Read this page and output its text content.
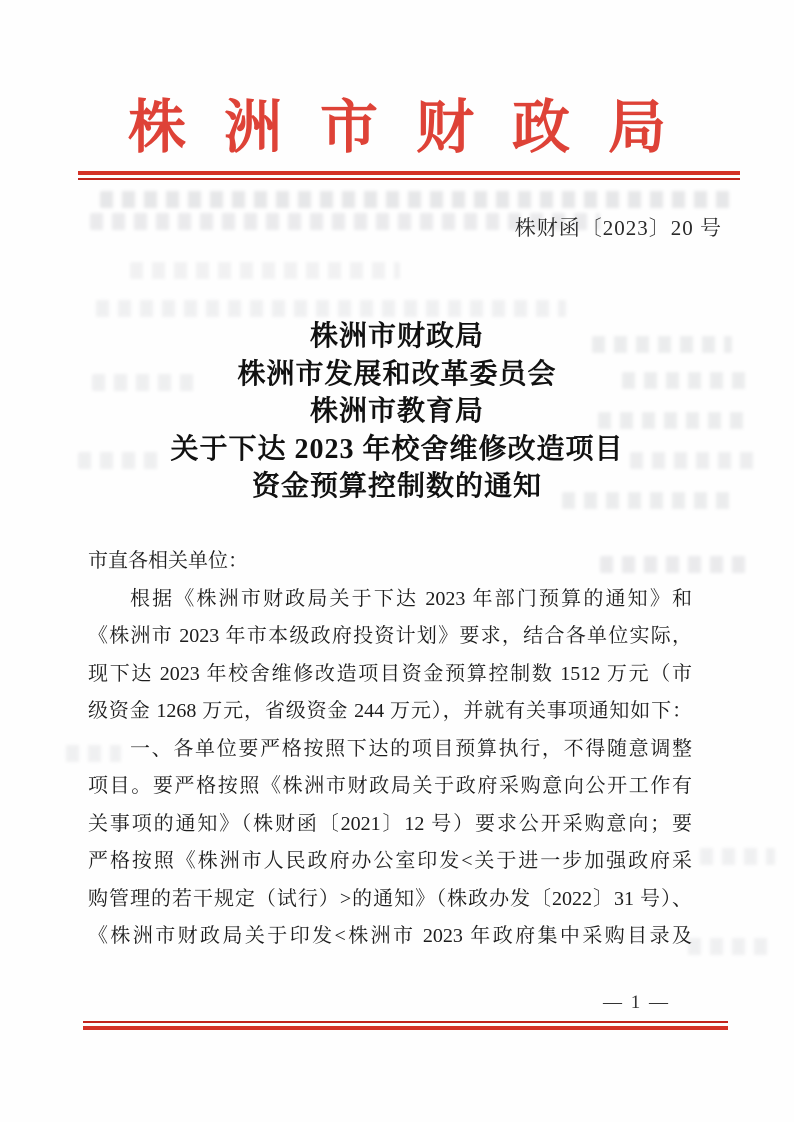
株洲市财政局
株财函〔2023〕20 号
株洲市财政局
株洲市发展和改革委员会
株洲市教育局
关于下达 2023 年校舍维修改造项目
资金预算控制数的通知
市直各相关单位：
根据《株洲市财政局关于下达 2023 年部门预算的通知》和
《株洲市 2023 年市本级政府投资计划》要求，结合各单位实际，
现下达 2023 年校舍维修改造项目资金预算控制数 1512 万元（市
级资金 1268 万元，省级资金 244 万元），并就有关事项通知如下：
一、各单位要严格按照下达的项目预算执行，不得随意调整
项目。要严格按照《株洲市财政局关于政府采购意向公开工作有
关事项的通知》（株财函〔2021〕12 号）要求公开采购意向；要
严格按照《株洲市人民政府办公室印发<关于进一步加强政府采
购管理的若干规定（试行）>的通知》（株政办发〔2022〕31 号）、
《株洲市财政局关于印发<株洲市 2023 年政府集中采购目录及
— 1 —
